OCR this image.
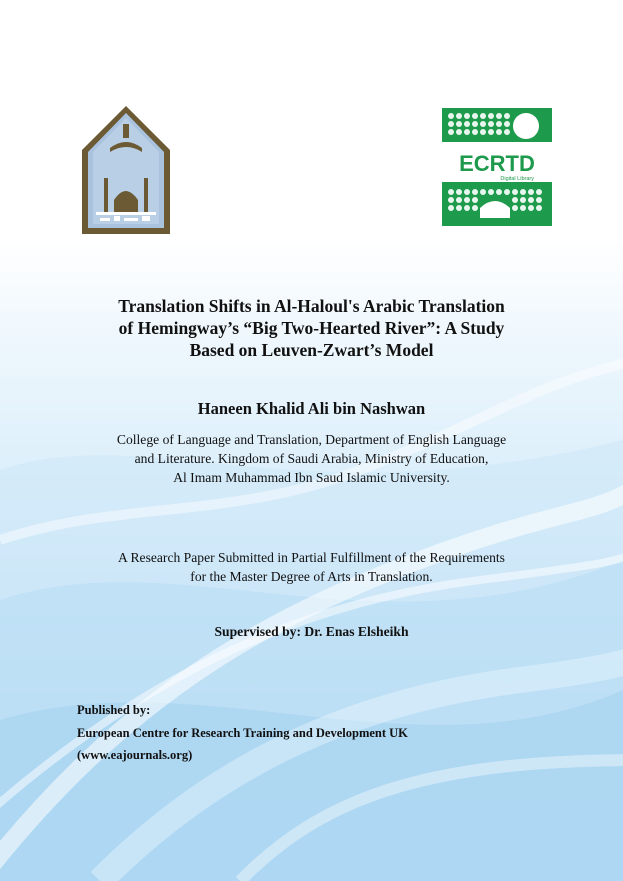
ECRTD
Digital Library
Translation Shifts in Al-Haloul's Arabic Translation
of Hemingway’s “Big Two-Hearted River”: A Study
Based on Leuven-Zwart’s Model
Haneen Khalid Ali bin Nashwan
College of Language and Translation, Department of English Language
and Literature. Kingdom of Saudi Arabia, Ministry of Education,
Al Imam Muhammad Ibn Saud Islamic University.
A Research Paper Submitted in Partial Fulfillment of the Requirements
for the Master Degree of Arts in Translation.
Supervised by: Dr. Enas Elsheikh
Published by:
European Centre for Research Training and Development UK
(www.eajournals.org)
